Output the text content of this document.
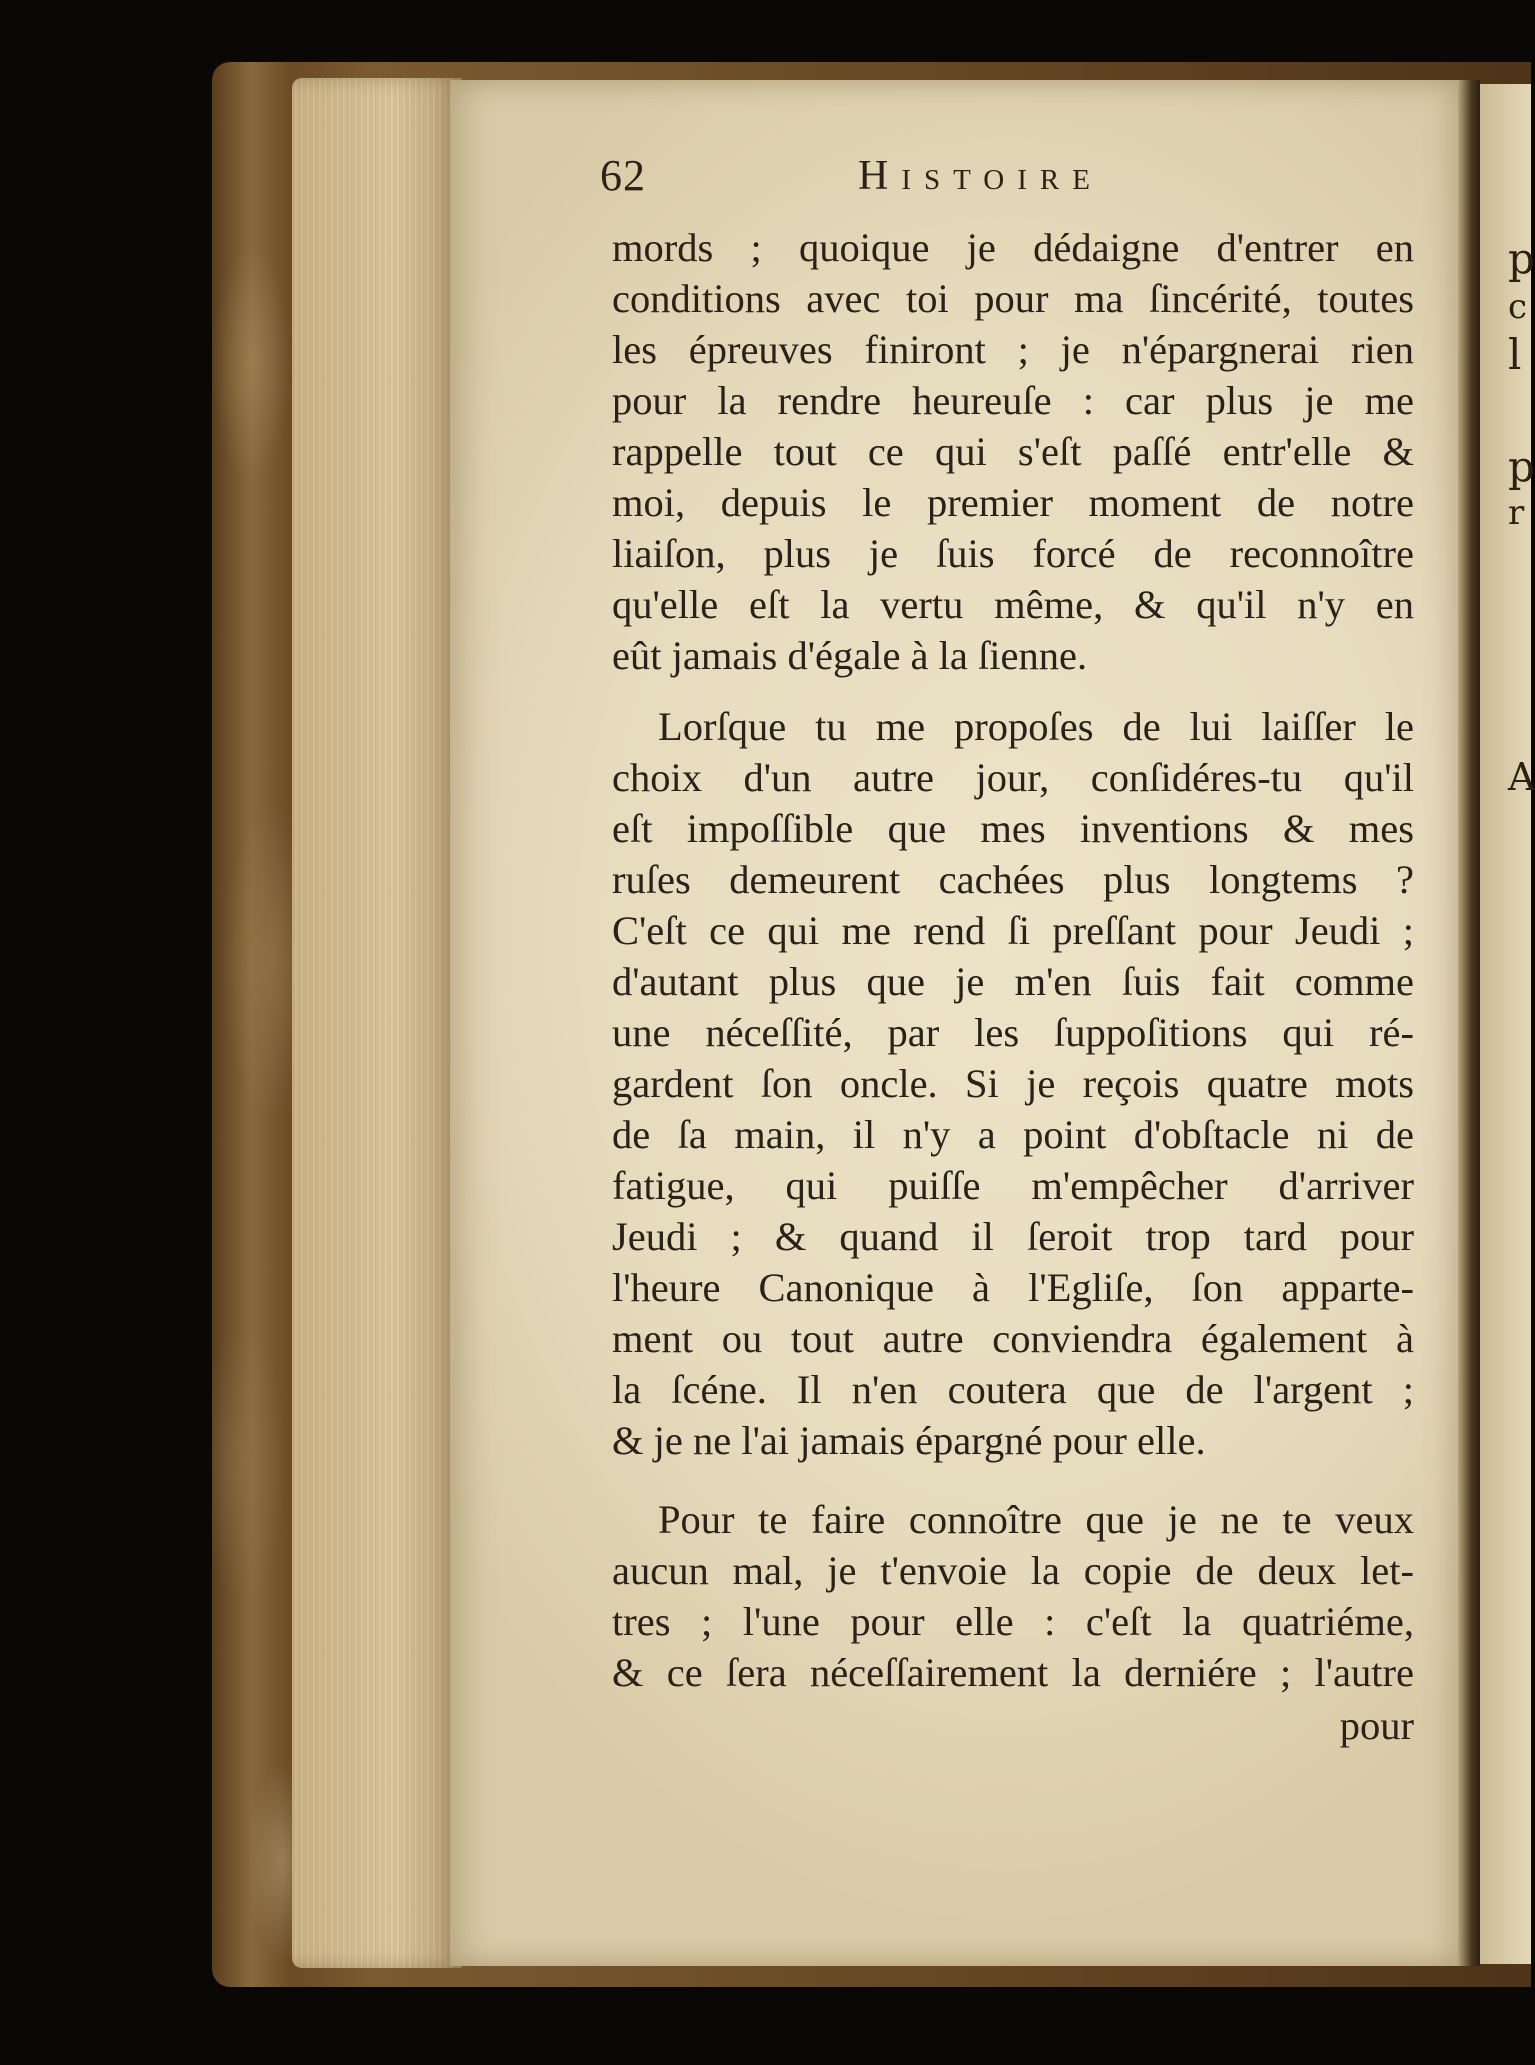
p
c
l
p
r
A
62	Histoire

mords ; quoique je dédaigne d'entrer en
conditions avec toi pour ma ſincérité, toutes
les épreuves finiront ; je n'épargnerai rien
pour la rendre heureuſe : car plus je me
rappelle tout ce qui s'eſt paſſé entr'elle &
moi, depuis le premier moment de notre
liaiſon, plus je ſuis forcé de reconnoître
qu'elle eſt la vertu même, & qu'il n'y en
eût jamais d'égale à la ſienne.

Lorſque tu me propoſes de lui laiſſer le
choix d'un autre jour, conſidéres-tu qu'il
eſt impoſſible que mes inventions & mes
ruſes demeurent cachées plus longtems ?
C'eſt ce qui me rend ſi preſſant pour Jeudi ;
d'autant plus que je m'en ſuis fait comme
une néceſſité, par les ſuppoſitions qui ré-
gardent ſon oncle. Si je reçois quatre mots
de ſa main, il n'y a point d'obſtacle ni de
fatigue, qui puiſſe m'empêcher d'arriver
Jeudi ; & quand il ſeroit trop tard pour
l'heure Canonique à l'Egliſe, ſon apparte-
ment ou tout autre conviendra également à
la ſcéne. Il n'en coutera que de l'argent ;
& je ne l'ai jamais épargné pour elle.

Pour te faire connoître que je ne te veux
aucun mal, je t'envoie la copie de deux let-
tres ; l'une pour elle : c'eſt la quatriéme,
& ce ſera néceſſairement la derniére ; l'autre

pour
